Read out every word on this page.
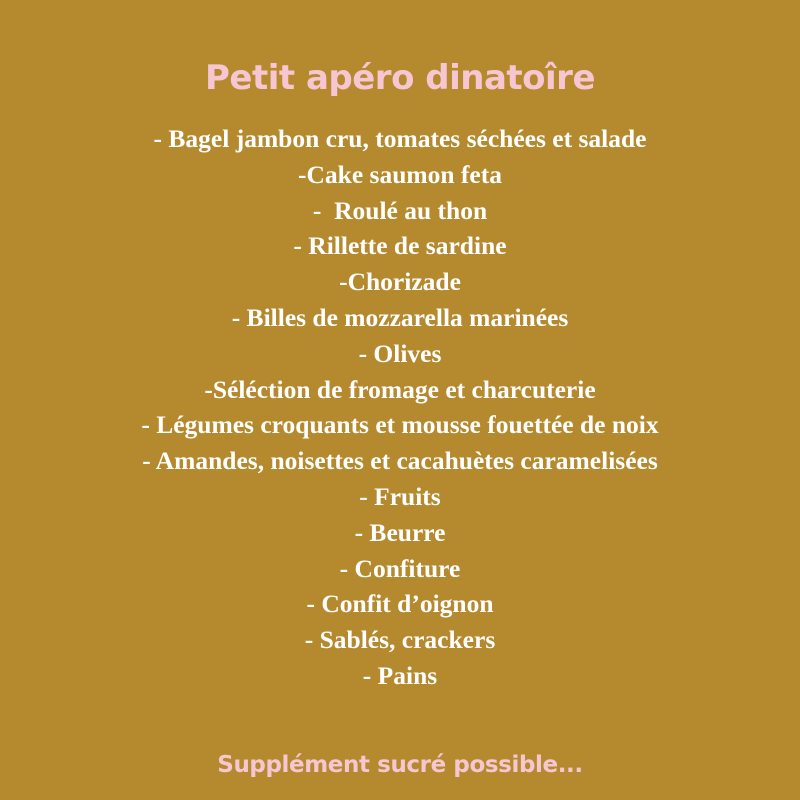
Petit apéro dinatoîre
- Bagel jambon cru, tomates séchées et salade
-Cake saumon feta
-  Roulé au thon
- Rillette de sardine
-Chorizade
- Billes de mozzarella marinées
- Olives
-Séléction de fromage et charcuterie
- Légumes croquants et mousse fouettée de noix
- Amandes, noisettes et cacahuètes caramelisées
- Fruits
- Beurre
- Confiture
- Confit d’oignon
- Sablés, crackers
- Pains
Supplément sucré possible...
